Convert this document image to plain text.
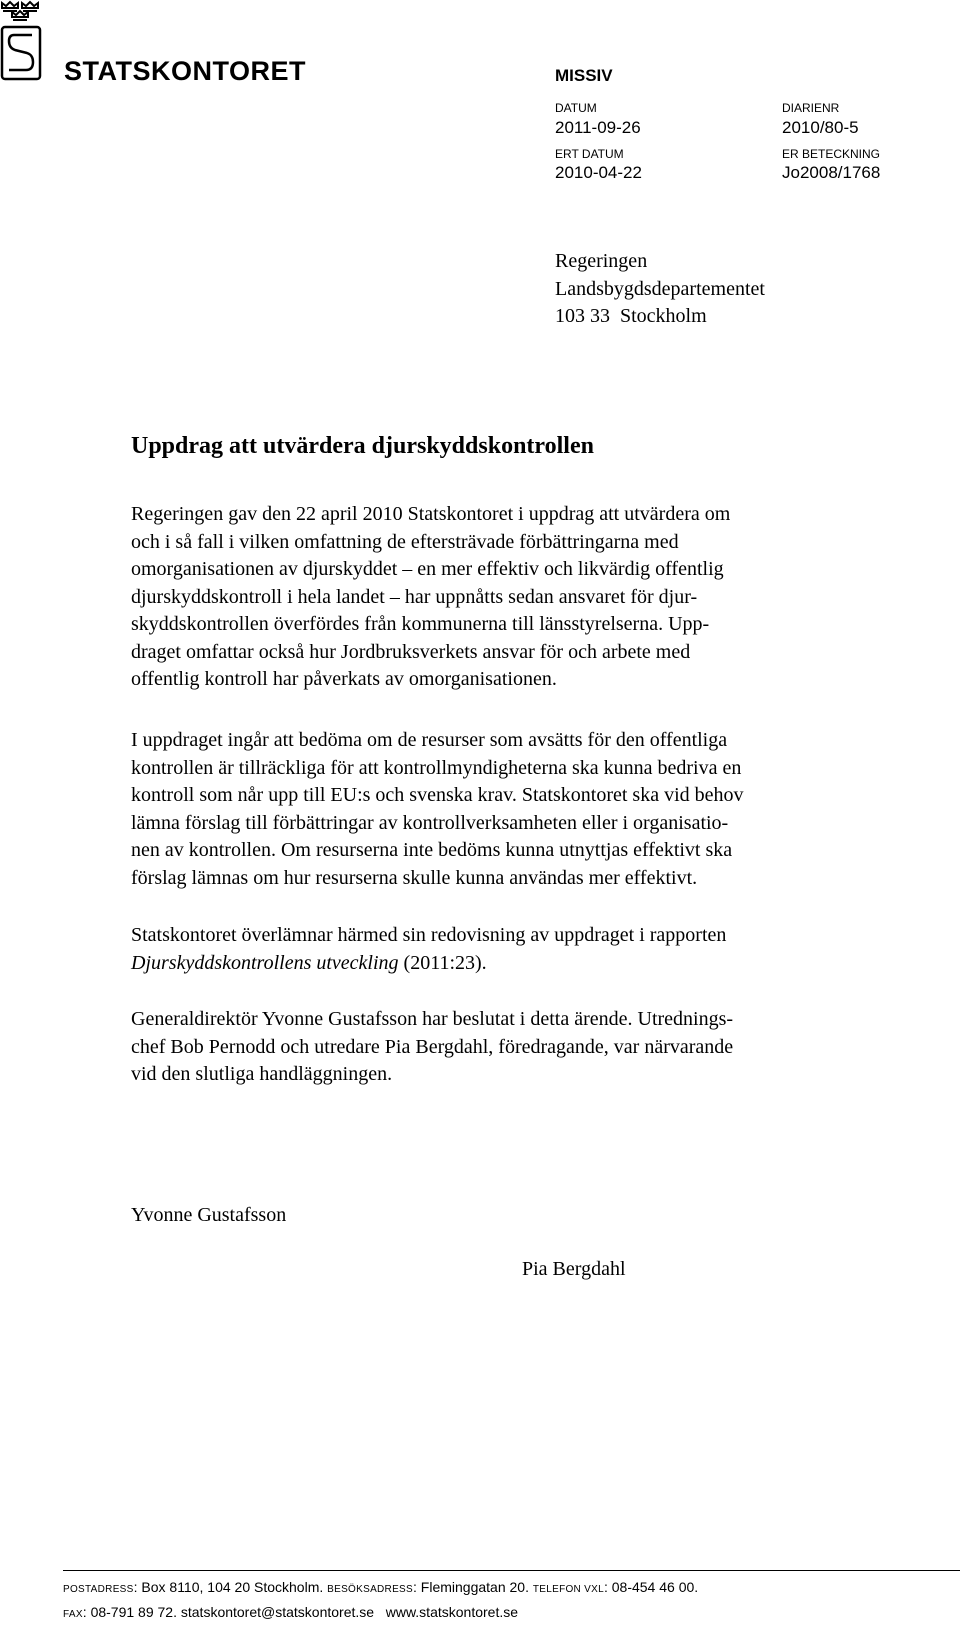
STATSKONTORET	MISSIV
DATUM
2011-09-26
ERT DATUM
2010-04-22
DIARIENR
2010/80-5
ER BETECKNING
Jo2008/1768
Regeringen
Landsbygdsdepartementet
103 33  Stockholm
Uppdrag att utvärdera djurskyddskontrollen

Regeringen gav den 22 april 2010 Statskontoret i uppdrag att utvärdera om

och i så fall i vilken omfattning de eftersträvade förbättringarna med

omorganisationen av djurskyddet – en mer effektiv och likvärdig offentlig

djurskyddskontroll i hela landet – har uppnåtts sedan ansvaret för djur-

skyddskontrollen överfördes från kommunerna till länsstyrelserna. Upp-

draget omfattar också hur Jordbruksverkets ansvar för och arbete med

offentlig kontroll har påverkats av omorganisationen.

I uppdraget ingår att bedöma om de resurser som avsätts för den offentliga

kontrollen är tillräckliga för att kontrollmyndigheterna ska kunna bedriva en

kontroll som når upp till EU:s och svenska krav. Statskontoret ska vid behov

lämna förslag till förbättringar av kontrollverksamheten eller i organisatio-

nen av kontrollen. Om resurserna inte bedöms kunna utnyttjas effektivt ska

förslag lämnas om hur resurserna skulle kunna användas mer effektivt.

Statskontoret överlämnar härmed sin redovisning av uppdraget i rapporten

Djurskyddskontrollens utveckling (2011:23).

Generaldirektör Yvonne Gustafsson har beslutat i detta ärende. Utrednings-

chef Bob Pernodd och utredare Pia Bergdahl, föredragande, var närvarande

vid den slutliga handläggningen.

Yvonne Gustafsson
Pia Bergdahl
POSTADRESS: Box 8110, 104 20 Stockholm. BESÖKSADRESS: Fleminggatan 20. TELEFON VXL: 08-454 46 00.
FAX: 08-791 89 72. statskontoret@statskontoret.se   www.statskontoret.se
